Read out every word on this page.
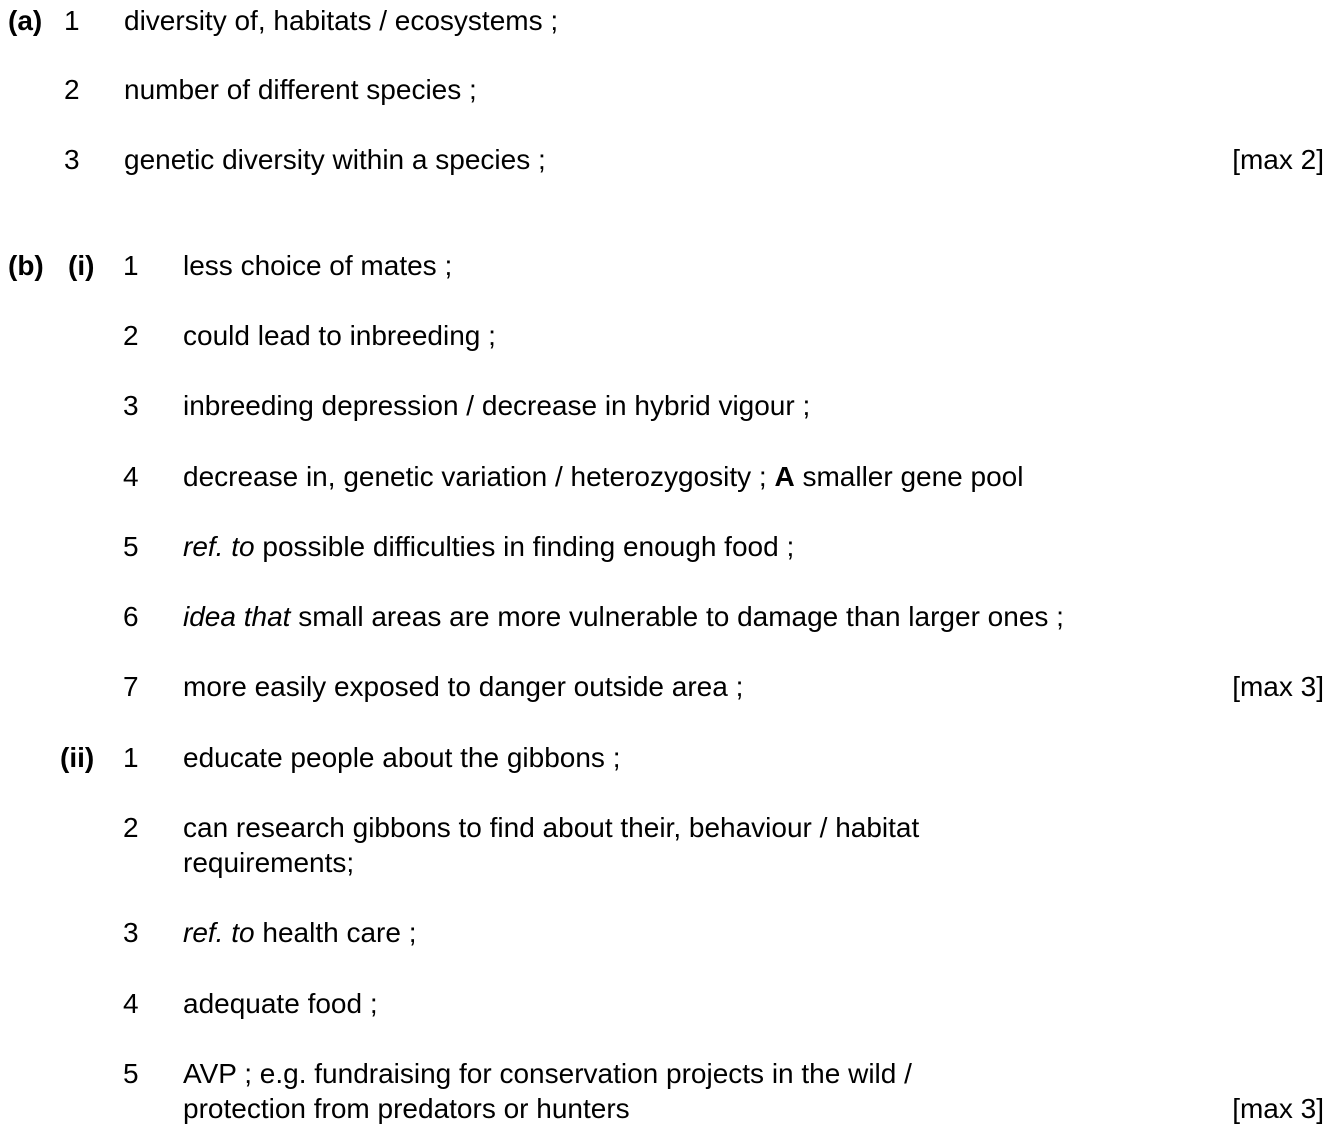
(a) 1 diversity of, habitats / ecosystems ;
2 number of different species ;
3 genetic diversity within a species ;	[max 2]
(b) (i) 1 less choice of mates ;
2 could lead to inbreeding ;
3 inbreeding depression / decrease in hybrid vigour ;
4 decrease in, genetic variation / heterozygosity ; A smaller gene pool
5 ref. to possible difficulties in finding enough food ;
6 idea that small areas are more vulnerable to damage than larger ones ;
7 more easily exposed to danger outside area ;	[max 3]
(ii) 1 educate people about the gibbons ;
2 can research gibbons to find about their, behaviour / habitat
requirements;
3 ref. to health care ;
4 adequate food ;
5 AVP ; e.g. fundraising for conservation projects in the wild /
protection from predators or hunters	[max 3]
